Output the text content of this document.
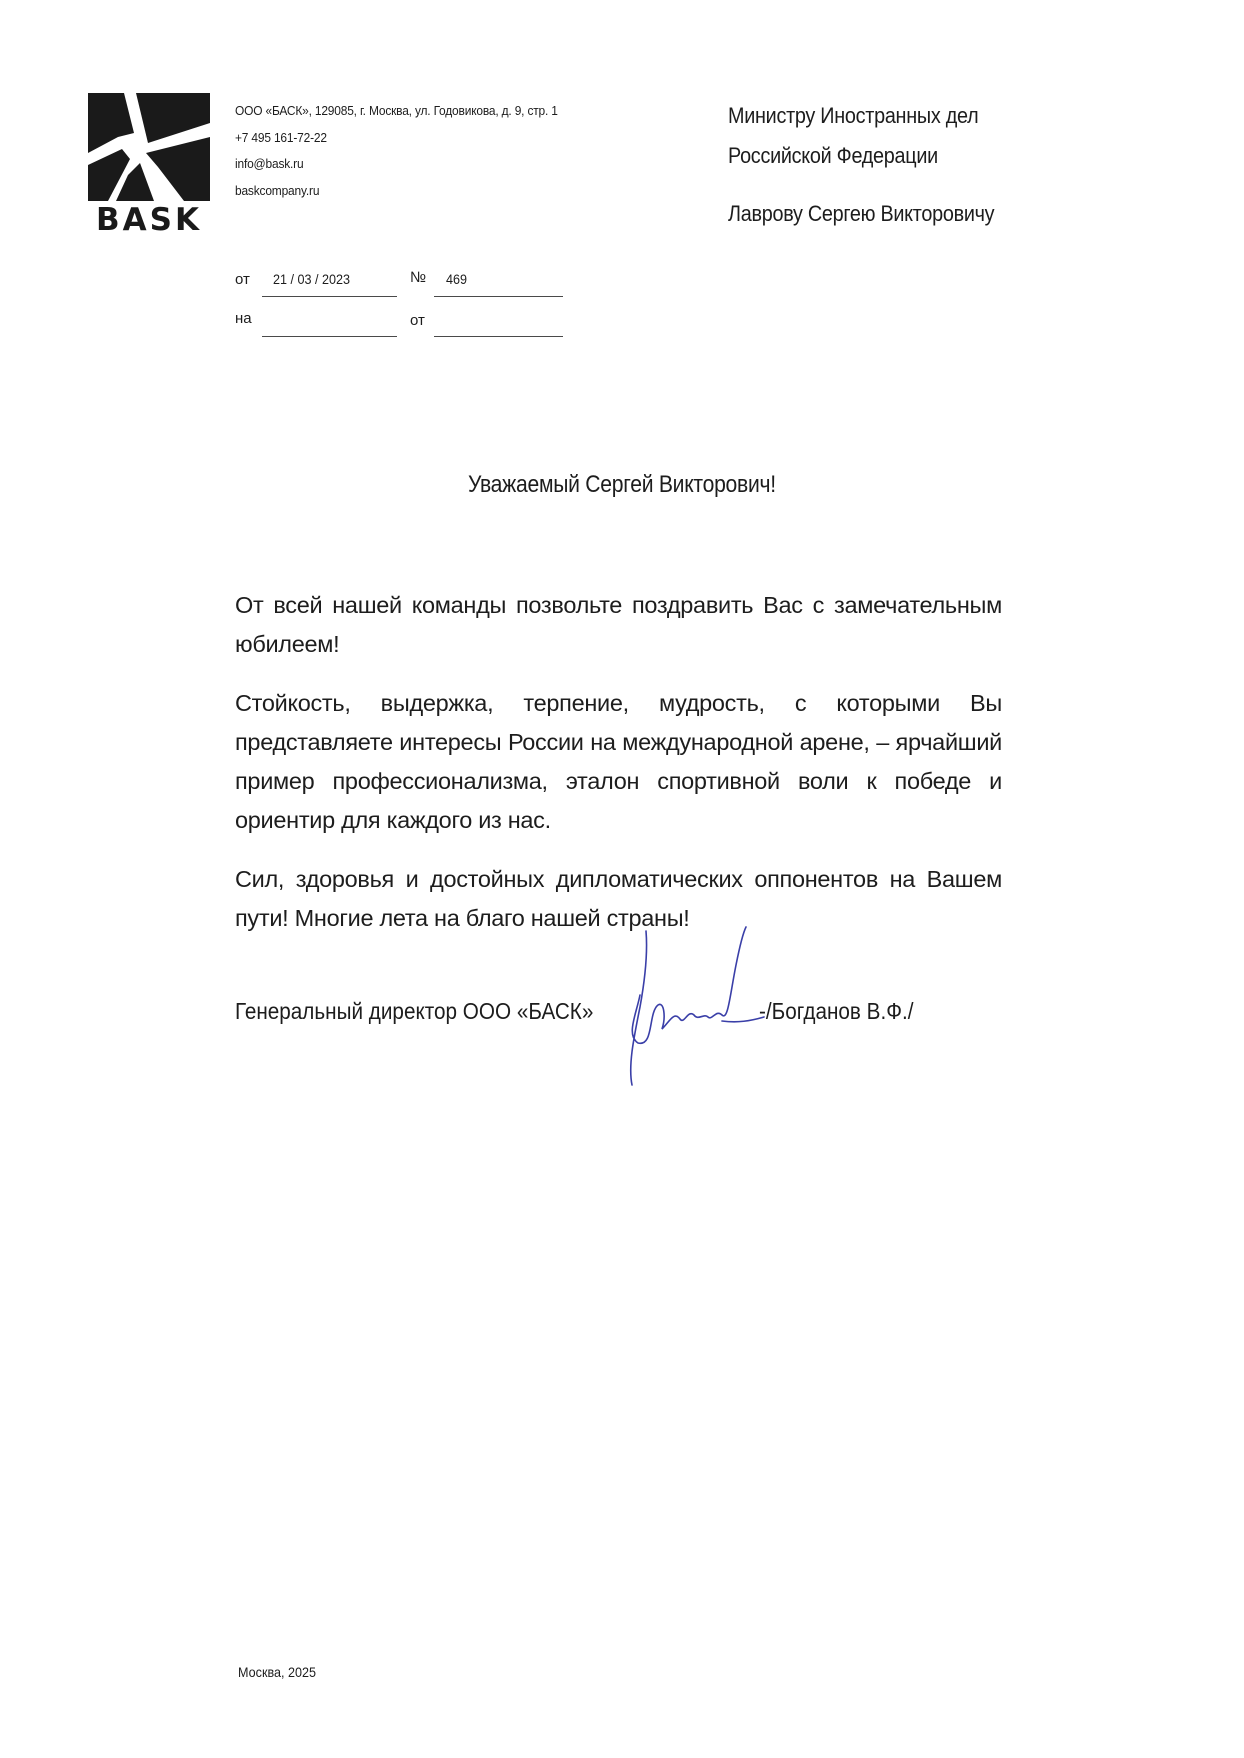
BASK
ООО «БАСК», 129085, г. Москва, ул. Годовикова, д. 9, стр. 1
+7 495 161-72-22
info@bask.ru
baskcompany.ru
Министру Иностранных дел
Российской Федерации
Лаврову Сергею Викторовичу
от 21 / 03 / 2023	№ 469
на	от
Уважаемый Сергей Викторович!

От всей нашей команды позвольте поздравить Вас с замечательным юбилеем!

Стойкость, выдержка, терпение, мудрость, с которыми Вы представляете интересы России на международной арене, – ярчайший пример профессионализма, эталон спортивной воли к победе и ориентир для каждого из нас.

Сил, здоровья и достойных дипломатических оппонентов на Вашем пути! Многие лета на благо нашей страны!

Генеральный директор ООО «БАСК»	-/Богданов В.Ф./
Москва, 2025
